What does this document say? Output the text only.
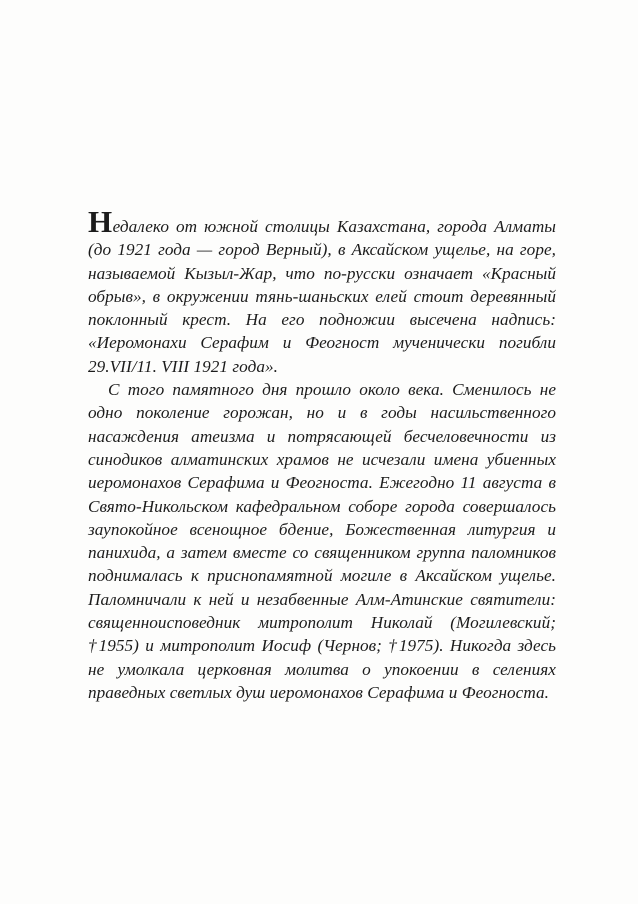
Недалеко от южной столицы Казахстана, города Алматы (до 1921 года — город Верный), в Аксайском ущелье, на горе, называемой Кызыл-Жар, что по-русски означает «Красный обрыв», в окружении тянь-шаньских елей стоит деревянный поклонный крест. На его подножии высечена надпись: «Иеромонахи Серафим и Феогност мученически погибли 29.VII/11. VIII 1921 года».

С того памятного дня прошло около века. Сменилось не одно поколение горожан, но и в годы насильственного насаждения атеизма и потрясающей бесчеловечности из синодиков алматинских храмов не исчезали имена убиенных иеромонахов Серафима и Феогноста. Ежегодно 11 августа в Свято-Никольском кафедральном соборе города совершалось заупокойное всенощное бдение, Божественная литургия и панихида, а затем вместе со священником группа паломников поднималась к приснопамятной могиле в Аксайском ущелье. Паломничали к ней и незабвенные Алм-Атинские святители: священноисповедник митрополит Николай (Могилевский; †1955) и митрополит Иосиф (Чернов; †1975). Никогда здесь не умолкала церковная молитва о упокоении в селениях праведных светлых душ иеромонахов Серафима и Феогноста.
